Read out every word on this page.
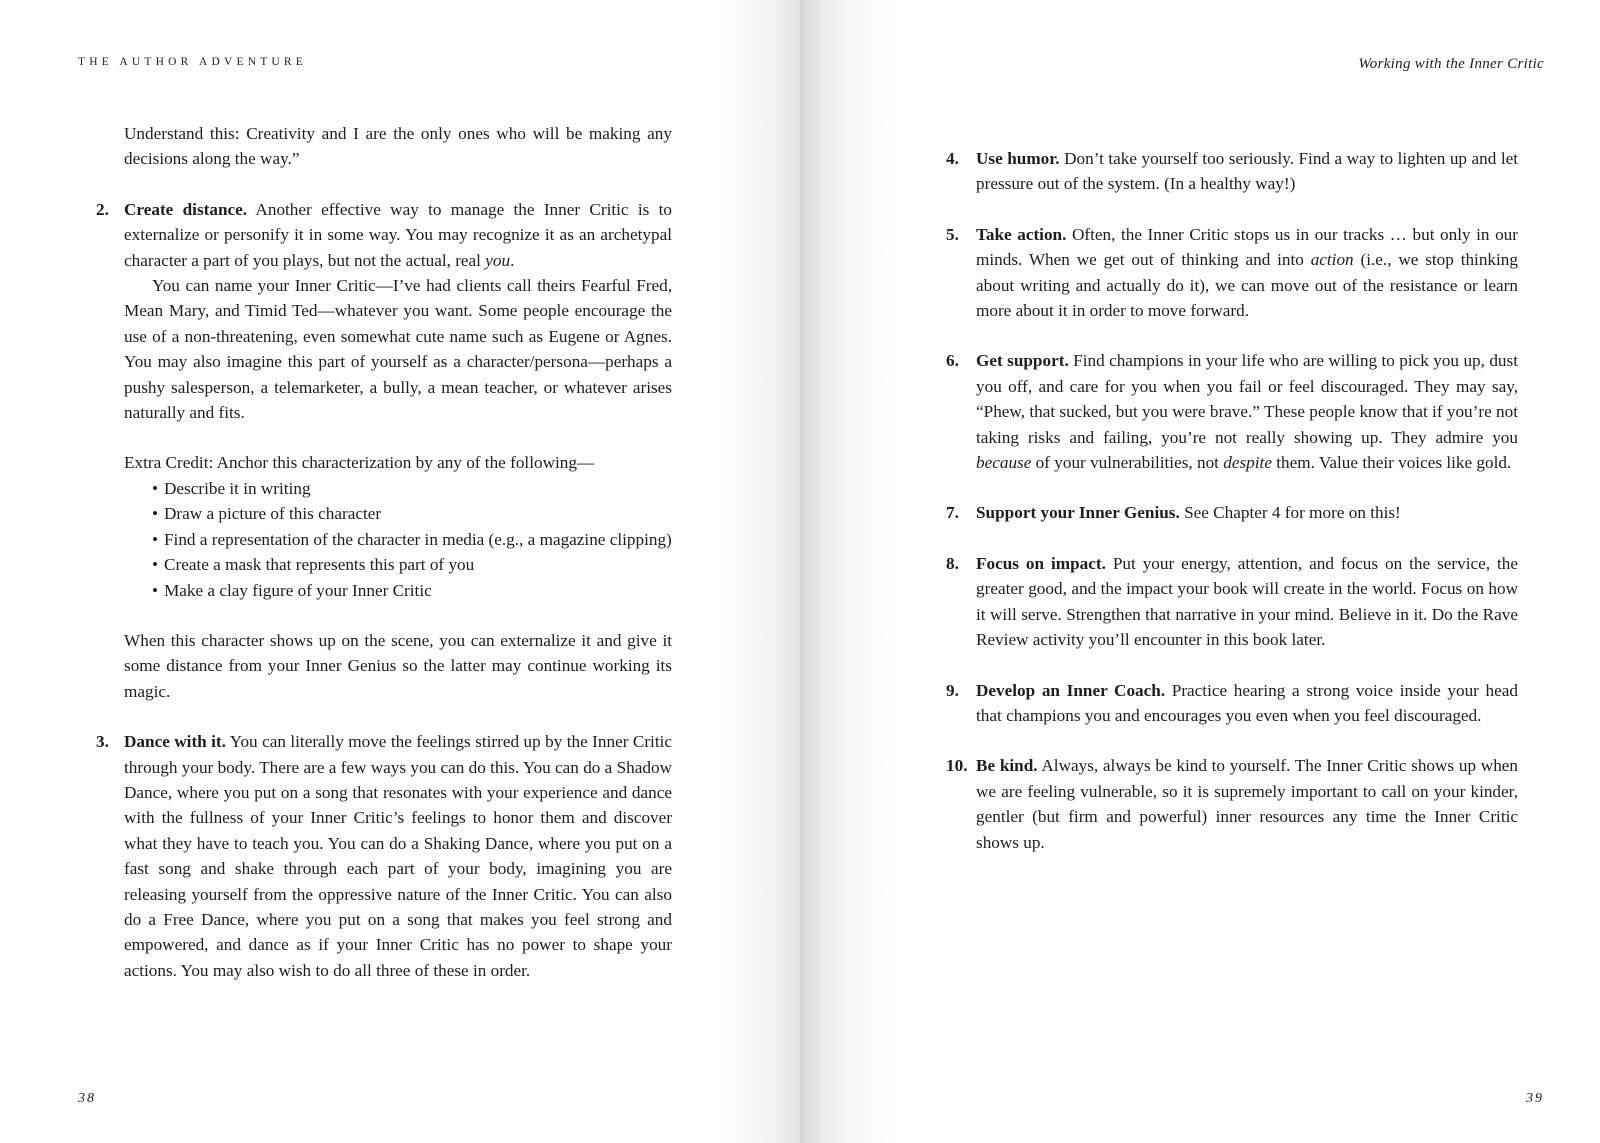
THE AUTHOR ADVENTURE

Understand this: Creativity and I are the only ones who will be making any decisions along the way.”

2. Create distance. Another effective way to manage the Inner Critic is to externalize or personify it in some way. You may recognize it as an archetypal character a part of you plays, but not the actual, real you.

You can name your Inner Critic—I’ve had clients call theirs Fearful Fred, Mean Mary, and Timid Ted—whatever you want. Some people encourage the use of a non-threatening, even somewhat cute name such as Eugene or Agnes. You may also imagine this part of yourself as a character/persona—perhaps a pushy salesperson, a telemarketer, a bully, a mean teacher, or whatever arises naturally and fits.

Extra Credit: Anchor this characterization by any of the following—

• Describe it in writing
• Draw a picture of this character
• Find a representation of the character in media (e.g., a magazine clipping)
• Create a mask that represents this part of you
• Make a clay figure of your Inner Critic

When this character shows up on the scene, you can externalize it and give it some distance from your Inner Genius so the latter may continue working its magic.

3. Dance with it. You can literally move the feelings stirred up by the Inner Critic through your body. There are a few ways you can do this. You can do a Shadow Dance, where you put on a song that resonates with your experience and dance with the fullness of your Inner Critic’s feelings to honor them and discover what they have to teach you. You can do a Shaking Dance, where you put on a fast song and shake through each part of your body, imagining you are releasing yourself from the oppressive nature of the Inner Critic. You can also do a Free Dance, where you put on a song that makes you feel strong and empowered, and dance as if your Inner Critic has no power to shape your actions. You may also wish to do all three of these in order.

38
Working with the Inner Critic
4. Use humor. Don’t take yourself too seriously. Find a way to lighten up and let pressure out of the system. (In a healthy way!)

5. Take action. Often, the Inner Critic stops us in our tracks … but only in our minds. When we get out of thinking and into action (i.e., we stop thinking about writing and actually do it), we can move out of the resistance or learn more about it in order to move forward.

6. Get support. Find champions in your life who are willing to pick you up, dust you off, and care for you when you fail or feel discouraged. They may say, “Phew, that sucked, but you were brave.” These people know that if you’re not taking risks and failing, you’re not really showing up. They admire you because of your vulnerabilities, not despite them. Value their voices like gold.

7. Support your Inner Genius. See Chapter 4 for more on this!

8. Focus on impact. Put your energy, attention, and focus on the service, the greater good, and the impact your book will create in the world. Focus on how it will serve. Strengthen that narrative in your mind. Believe in it. Do the Rave Review activity you’ll encounter in this book later.

9. Develop an Inner Coach. Practice hearing a strong voice inside your head that champions you and encourages you even when you feel discouraged.

10. Be kind. Always, always be kind to yourself. The Inner Critic shows up when we are feeling vulnerable, so it is supremely important to call on your kinder, gentler (but firm and powerful) inner resources any time the Inner Critic shows up.

39
